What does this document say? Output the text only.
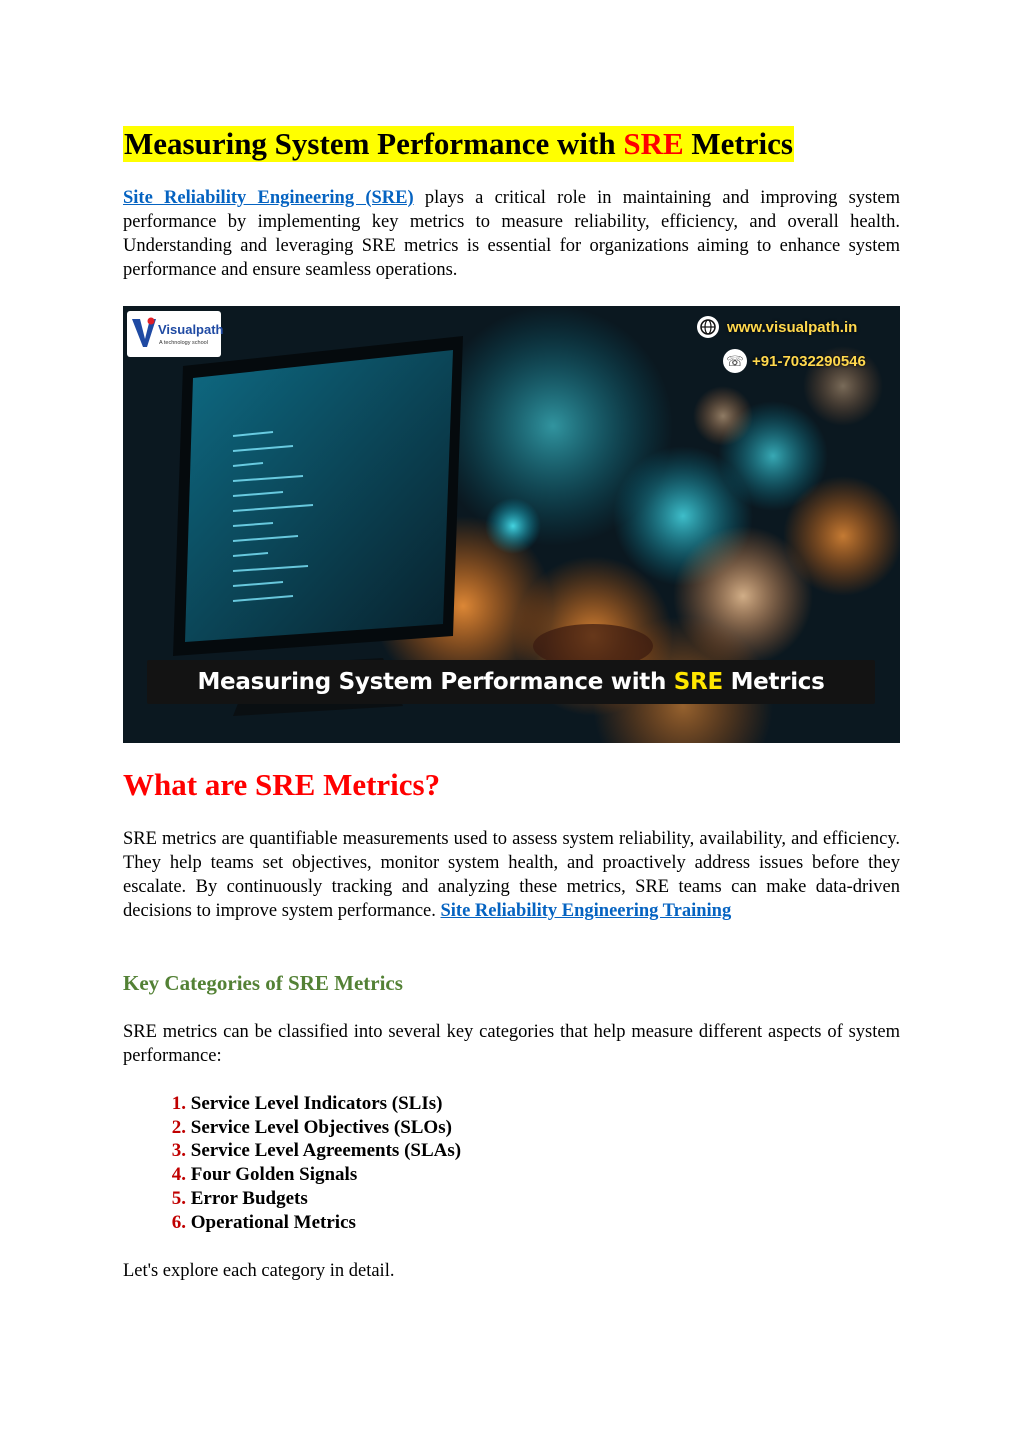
Measuring System Performance with SRE Metrics

Site Reliability Engineering (SRE) plays a critical role in maintaining and improving system performance by implementing key metrics to measure reliability, efficiency, and overall health. Understanding and leveraging SRE metrics is essential for organizations aiming to enhance system performance and ensure seamless operations.

Visualpath
A technology school
www.visualpath.in
☏ +91-7032290546
Measuring System Performance with SRE Metrics
What are SRE Metrics?

SRE metrics are quantifiable measurements used to assess system reliability, availability, and efficiency. They help teams set objectives, monitor system health, and proactively address issues before they escalate. By continuously tracking and analyzing these metrics, SRE teams can make data-driven decisions to improve system performance. Site Reliability Engineering Training

Key Categories of SRE Metrics

SRE metrics can be classified into several key categories that help measure different aspects of system performance:

1. Service Level Indicators (SLIs)
2. Service Level Objectives (SLOs)
3. Service Level Agreements (SLAs)
4. Four Golden Signals
5. Error Budgets
6. Operational Metrics

Let's explore each category in detail.
